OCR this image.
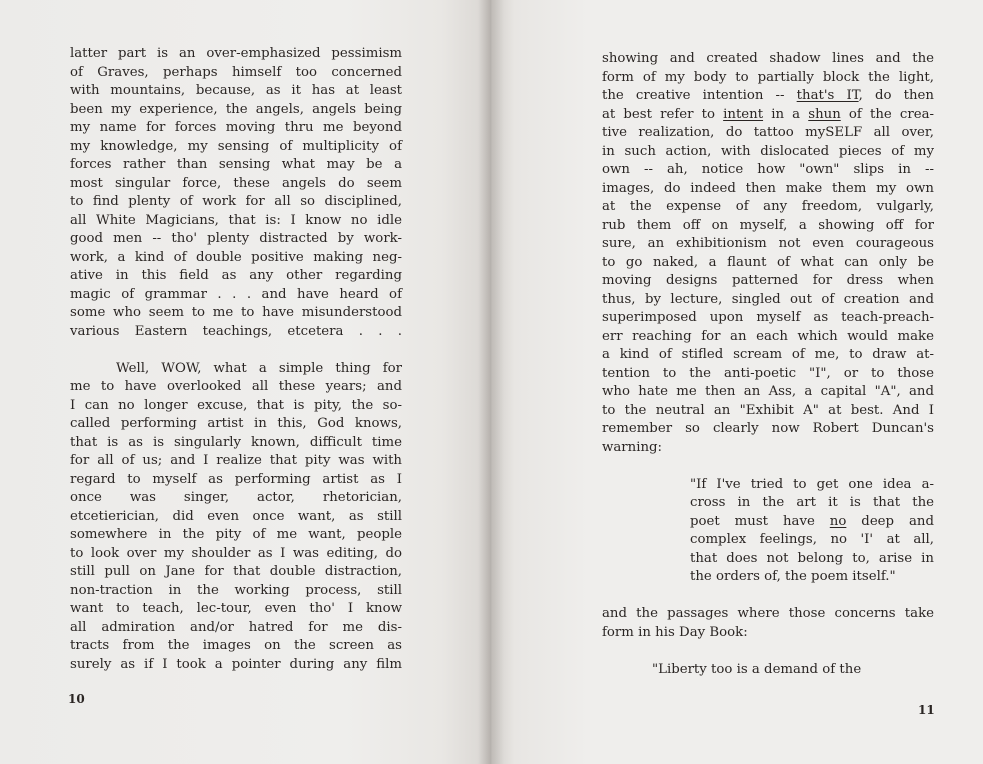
latter part is an over-emphasized pessimism
of Graves, perhaps himself too concerned
with mountains, because, as it has at least
been my experience, the angels, angels being
my name for forces moving thru me beyond
my knowledge, my sensing of multiplicity of
forces rather than sensing what may be a
most singular force, these angels do seem
to find plenty of work for all so disciplined,
all White Magicians, that is: I know no idle
good men -- tho' plenty distracted by work-
work, a kind of double positive making neg-
ative in this field as any other regarding
magic of grammar . . . and have heard of
some who seem to me to have misunderstood
various Eastern teachings, etcetera . . .
Well, WOW, what a simple thing for
me to have overlooked all these years; and
I can no longer excuse, that is pity, the so-
called performing artist in this, God knows,
that is as is singularly known, difficult time
for all of us; and I realize that pity was with
regard to myself as performing artist as I
once was singer, actor, rhetorician,
etcetierician, did even once want, as still
somewhere in the pity of me want, people
to look over my shoulder as I was editing, do
still pull on Jane for that double distraction,
non-traction in the working process, still
want to teach, lec-tour, even tho' I know
all admiration and/or hatred for me dis-
tracts from the images on the screen as
surely as if I took a pointer during any film
10
showing and created shadow lines and the
form of my body to partially block the light,
the creative intention -- that's IT, do then
at best refer to intent in a shun of the crea-
tive realization, do tattoo mySELF all over,
in such action, with dislocated pieces of my
own -- ah, notice how "own" slips in --
images, do indeed then make them my own
at the expense of any freedom, vulgarly,
rub them off on myself, a showing off for
sure, an exhibitionism not even courageous
to go naked, a flaunt of what can only be
moving designs patterned for dress when
thus, by lecture, singled out of creation and
superimposed upon myself as teach-preach-
err reaching for an each which would make
a kind of stifled scream of me, to draw at-
tention to the anti-poetic "I", or to those
who hate me then an Ass, a capital "A", and
to the neutral an "Exhibit A" at best. And I
remember so clearly now Robert Duncan's
warning:
"If I've tried to get one idea a-
cross in the art it is that the
poet must have no deep and
complex feelings, no 'I' at all,
that does not belong to, arise in
the orders of, the poem itself."
and the passages where those concerns take
form in his Day Book:
"Liberty too is a demand of the
11
